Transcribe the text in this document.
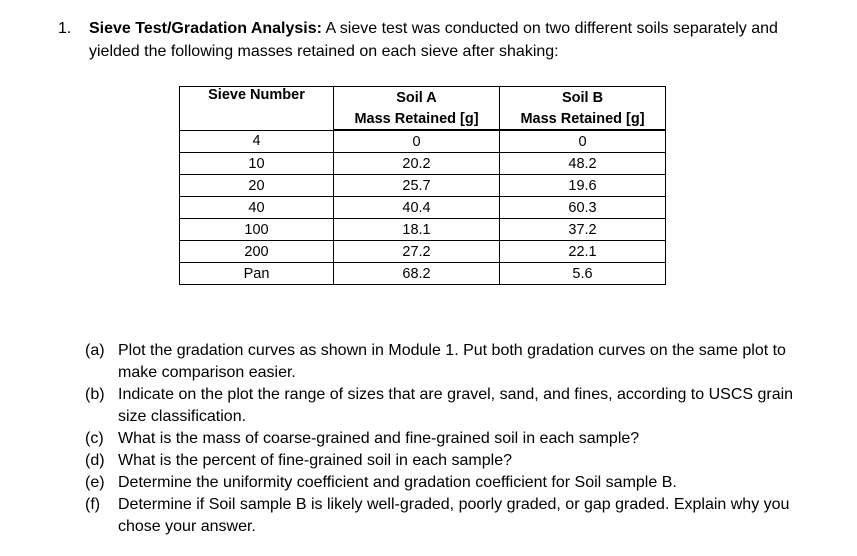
1. Sieve Test/Gradation Analysis: A sieve test was conducted on two different soils separately and yielded the following masses retained on each sieve after shaking:
Sieve Number	Soil A	Soil B
	Mass Retained [g]	Mass Retained [g]
4	0	0
10	20.2	48.2
20	25.7	19.6
40	40.4	60.3
100	18.1	37.2
200	27.2	22.1
Pan	68.2	5.6
(a) Plot the gradation curves as shown in Module 1. Put both gradation curves on the same plot to make comparison easier.
(b) Indicate on the plot the range of sizes that are gravel, sand, and fines, according to USCS grain size classification.
(c) What is the mass of coarse-grained and fine-grained soil in each sample?
(d) What is the percent of fine-grained soil in each sample?
(e) Determine the uniformity coefficient and gradation coefficient for Soil sample B.
(f) Determine if Soil sample B is likely well-graded, poorly graded, or gap graded. Explain why you chose your answer.
